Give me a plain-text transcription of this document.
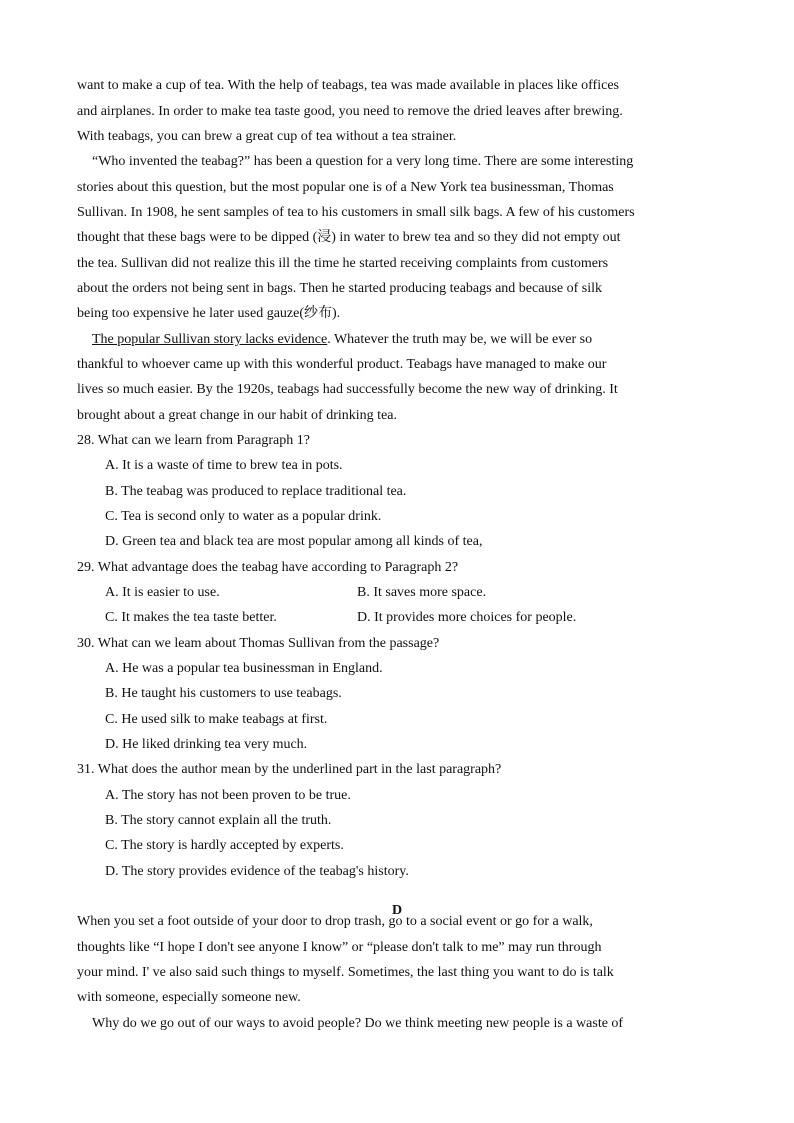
want to make a cup of tea. With the help of teabags, tea was made available in places like offices

and airplanes. In order to make tea taste good, you need to remove the dried leaves after brewing.

With teabags, you can brew a great cup of tea without a tea strainer.

“Who invented the teabag?” has been a question for a very long time. There are some interesting

stories about this question, but the most popular one is of a New York tea businessman, Thomas

Sullivan. In 1908, he sent samples of tea to his customers in small silk bags. A few of his customers

thought that these bags were to be dipped (浸) in water to brew tea and so they did not empty out

the tea. Sullivan did not realize this ill the time he started receiving complaints from customers

about the orders not being sent in bags. Then he started producing teabags and because of silk

being too expensive he later used gauze(纱布).

The popular Sullivan story lacks evidence. Whatever the truth may be, we will be ever so

thankful to whoever came up with this wonderful product. Teabags have managed to make our

lives so much easier. By the 1920s, teabags had successfully become the new way of drinking. It

brought about a great change in our habit of drinking tea.

28. What can we learn from Paragraph 1?

A. It is a waste of time to brew tea in pots.

B. The teabag was produced to replace traditional tea.

C. Tea is second only to water as a popular drink.

D. Green tea and black tea are most popular among all kinds of tea,

29. What advantage does the teabag have according to Paragraph 2?

A. It is easier to use.	B. It saves more space.

C. It makes the tea taste better.	D. It provides more choices for people.

30. What can we leam about Thomas Sullivan from the passage?

A. He was a popular tea businessman in England.

B. He taught his customers to use teabags.

C. He used silk to make teabags at first.

D. He liked drinking tea very much.

31. What does the author mean by the underlined part in the last paragraph?

A. The story has not been proven to be true.

B. The story cannot explain all the truth.

C. The story is hardly accepted by experts.

D. The story provides evidence of the teabag's history.

D

When you set a foot outside of your door to drop trash, go to a social event or go for a walk,

thoughts like “I hope I don't see anyone I know” or “please don't talk to me” may run through

your mind. I' ve also said such things to myself. Sometimes, the last thing you want to do is talk

with someone, especially someone new.

Why do we go out of our ways to avoid people? Do we think meeting new people is a waste of
